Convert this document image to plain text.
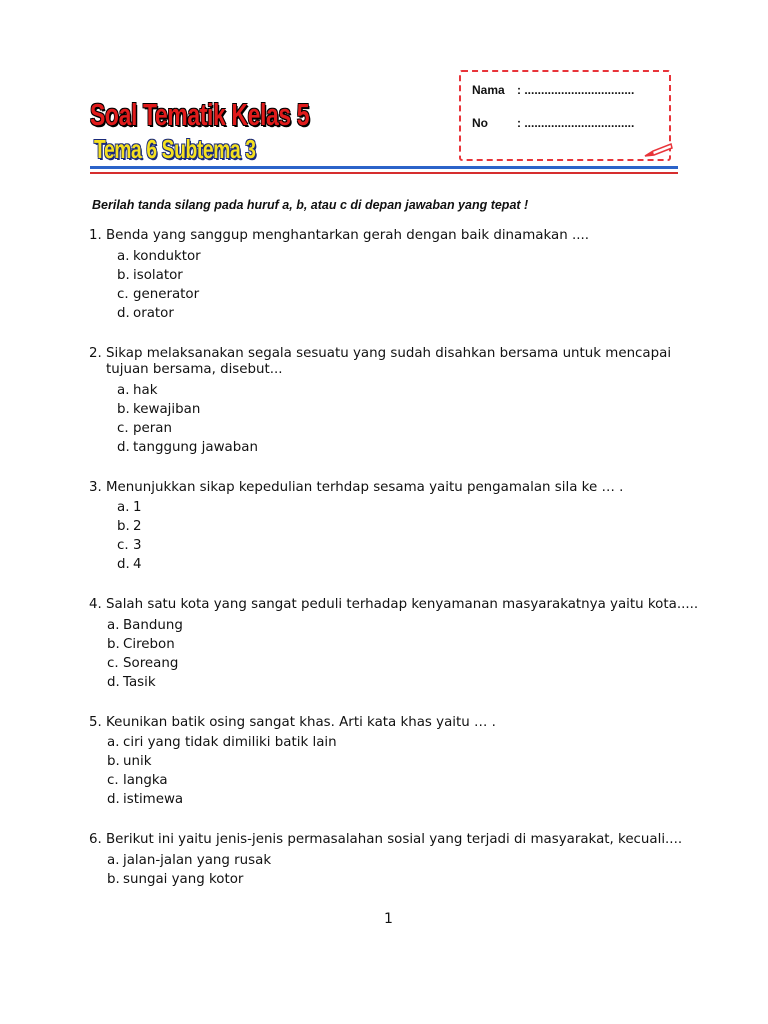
Soal Tematik Kelas 5
Tema 6 Subtema 3
Nama : .................................
No : .................................
Berilah tanda silang pada huruf a, b, atau c di depan jawaban yang tepat !
1. Benda yang sanggup menghantarkan gerah dengan baik dinamakan ....
a. konduktor
b. isolator
c. generator
d. orator
2. Sikap melaksanakan segala sesuatu yang sudah disahkan bersama untuk mencapai tujuan bersama, disebut...
a. hak
b. kewajiban
c. peran
d. tanggung jawaban
3. Menunjukkan sikap kepedulian terhdap sesama yaitu pengamalan sila ke … .
a. 1
b. 2
c. 3
d. 4
4. Salah satu kota yang sangat peduli terhadap kenyamanan masyarakatnya yaitu kota.....
a. Bandung
b. Cirebon
c. Soreang
d. Tasik
5. Keunikan batik osing sangat khas. Arti kata khas yaitu … .
a. ciri yang tidak dimiliki batik lain
b. unik
c. langka
d. istimewa
6. Berikut ini yaitu jenis-jenis permasalahan sosial yang terjadi di masyarakat, kecuali....
a. jalan-jalan yang rusak
b. sungai yang kotor
1
